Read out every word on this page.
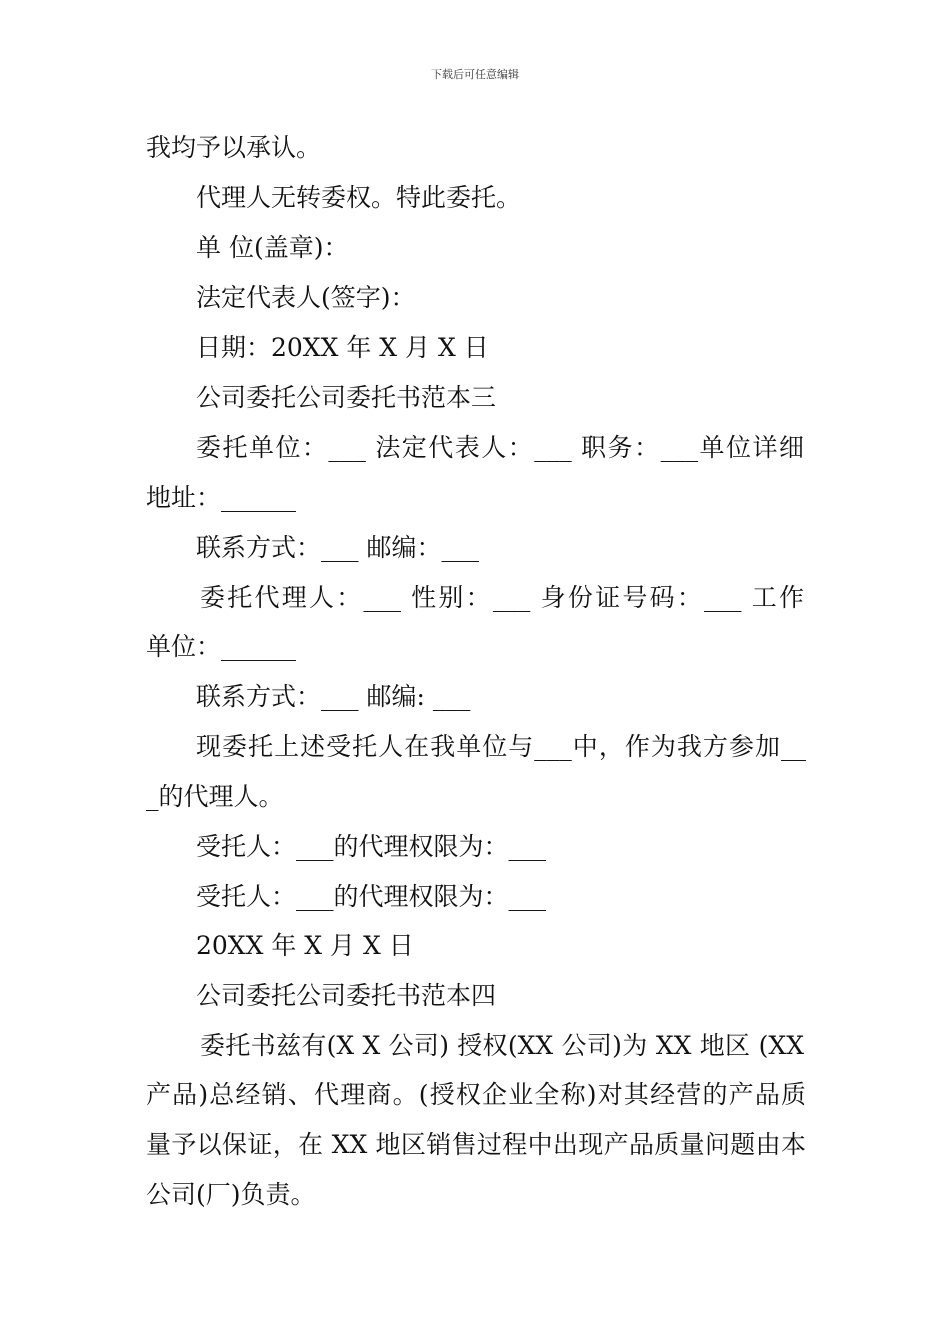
下载后可任意编辑

我均予以承认。

代理人无转委权。特此委托。

单 位(盖章)：

法定代表人(签字)：

日期：20XX 年 X 月 X 日

公司委托公司委托书范本三

委托单位：___ 法定代表人：___ 职务：___单位详细

地址：______

联系方式：___ 邮编：___

委托代理人：___ 性别：___ 身份证号码：___ 工作

单位：______

联系方式：___ 邮编: ___

现委托上述受托人在我单位与___中，作为我方参加__

_的代理人。

受托人：___的代理权限为：___

受托人：___的代理权限为：___

20XX 年 X 月 X 日

公司委托公司委托书范本四

委托书兹有(X X 公司) 授权(XX 公司)为 XX 地区 (XX

产品)总经销、代理商。(授权企业全称)对其经营的产品质

量予以保证，在 XX 地区销售过程中出现产品质量问题由本

公司(厂)负责。
